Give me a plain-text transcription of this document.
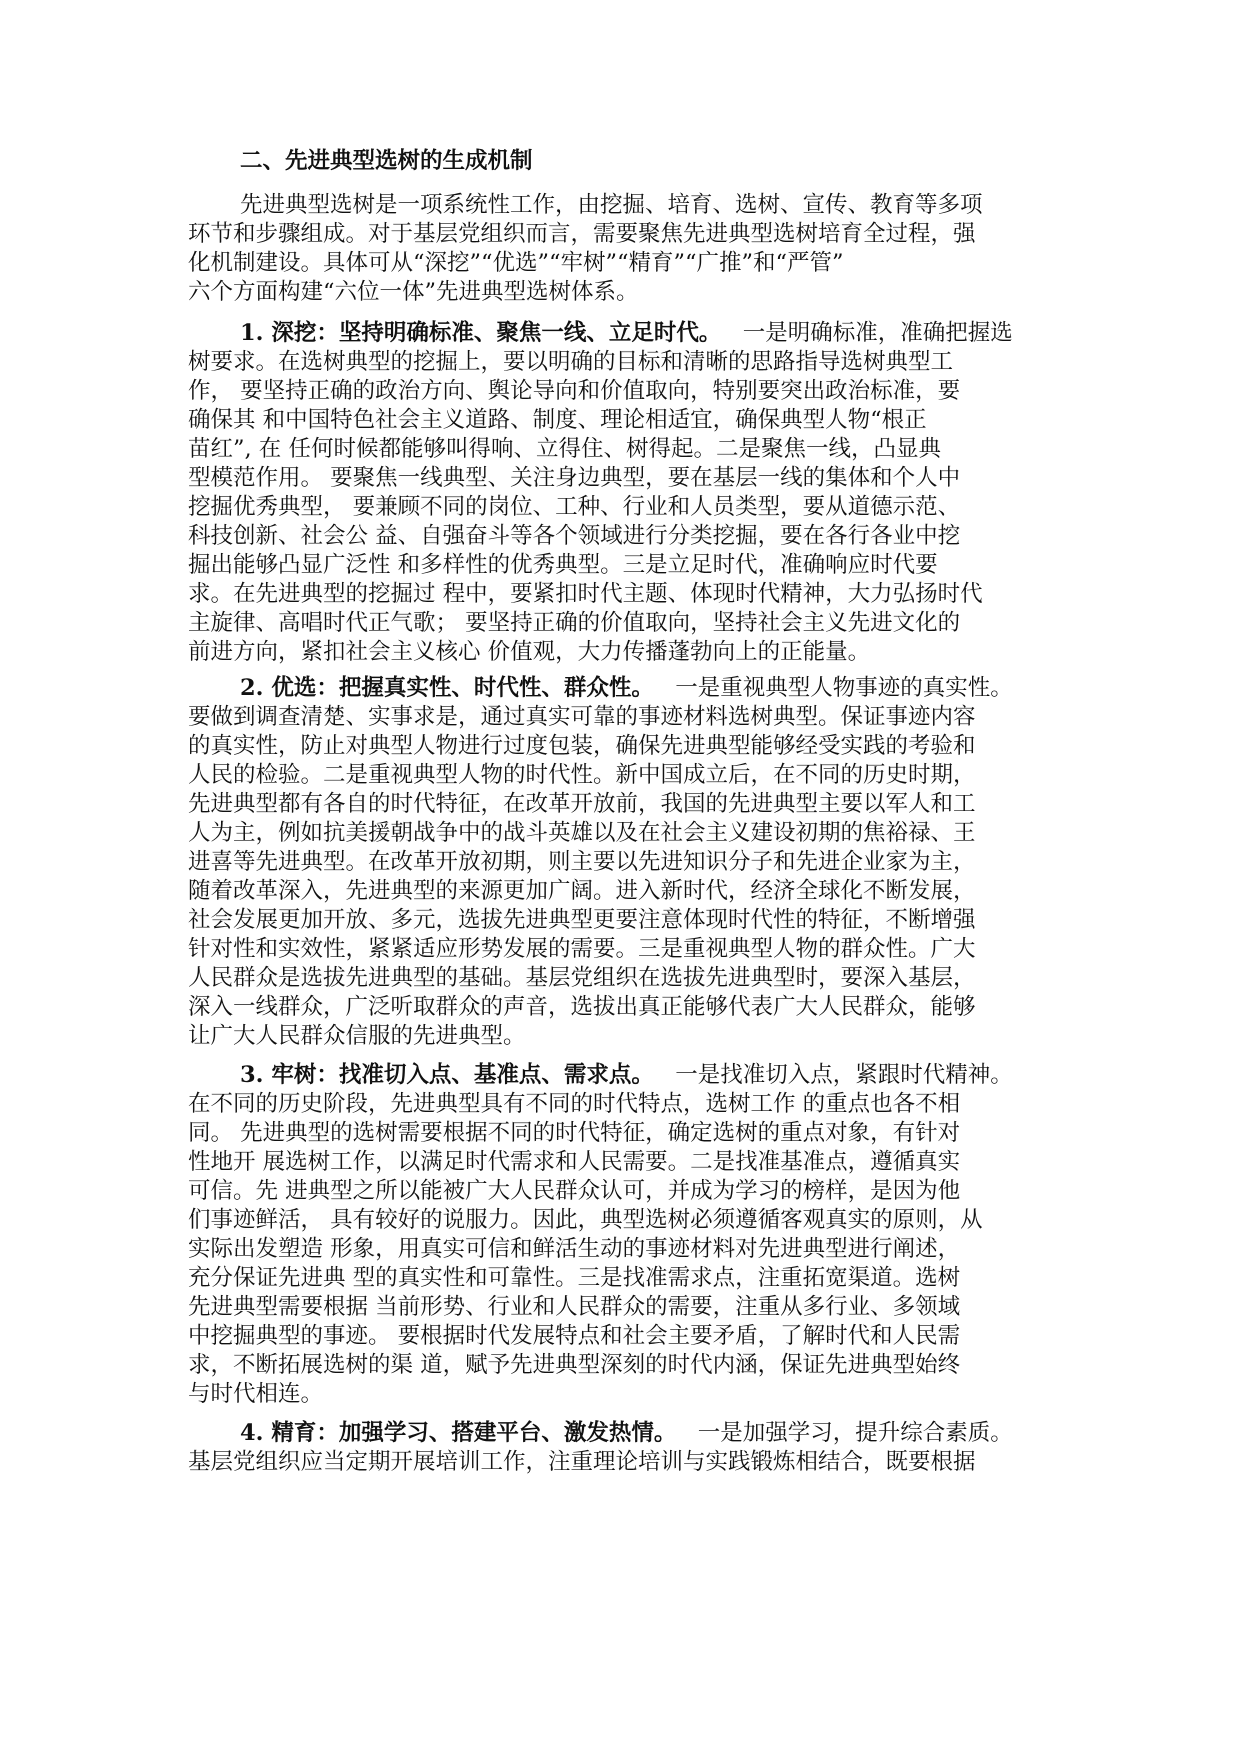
二、先进典型选树的生成机制
先进典型选树是一项系统性工作，由挖掘、培育、选树、宣传、教育等多项
环节和步骤组成。对于基层党组织而言，需要聚焦先进典型选树培育全过程，强
化机制建设。具体可从“深挖”“优选”“牢树”“精育”“广推”和“严管”
六个方面构建“六位一体”先进典型选树体系。
1. 深挖：坚持明确标准、聚焦一线、立足时代。 一是明确标准，准确把握选
树要求。在选树典型的挖掘上，要以明确的目标和清晰的思路指导选树典型工
作， 要坚持正确的政治方向、舆论导向和价值取向，特别要突出政治标准，要
确保其 和中国特色社会主义道路、制度、理论相适宜，确保典型人物“根正
苗红”, 在 任何时候都能够叫得响、立得住、树得起。二是聚焦一线，凸显典
型模范作用。 要聚焦一线典型、关注身边典型，要在基层一线的集体和个人中
挖掘优秀典型， 要兼顾不同的岗位、工种、行业和人员类型，要从道德示范、
科技创新、社会公 益、自强奋斗等各个领域进行分类挖掘，要在各行各业中挖
掘出能够凸显广泛性 和多样性的优秀典型。三是立足时代，准确响应时代要
求。在先进典型的挖掘过 程中，要紧扣时代主题、体现时代精神，大力弘扬时代
主旋律、高唱时代正气歌； 要坚持正确的价值取向，坚持社会主义先进文化的
前进方向，紧扣社会主义核心 价值观，大力传播蓬勃向上的正能量。
2. 优选：把握真实性、时代性、群众性。 一是重视典型人物事迹的真实性。
要做到调查清楚、实事求是，通过真实可靠的事迹材料选树典型。保证事迹内容
的真实性，防止对典型人物进行过度包装，确保先进典型能够经受实践的考验和
人民的检验。二是重视典型人物的时代性。新中国成立后，在不同的历史时期，
先进典型都有各自的时代特征，在改革开放前，我国的先进典型主要以军人和工
人为主，例如抗美援朝战争中的战斗英雄以及在社会主义建设初期的焦裕禄、王
进喜等先进典型。在改革开放初期，则主要以先进知识分子和先进企业家为主，
随着改革深入，先进典型的来源更加广阔。进入新时代，经济全球化不断发展，
社会发展更加开放、多元，选拔先进典型更要注意体现时代性的特征，不断增强
针对性和实效性，紧紧适应形势发展的需要。三是重视典型人物的群众性。广大
人民群众是选拔先进典型的基础。基层党组织在选拔先进典型时，要深入基层，
深入一线群众，广泛听取群众的声音，选拔出真正能够代表广大人民群众，能够
让广大人民群众信服的先进典型。
3. 牢树：找准切入点、基准点、需求点。 一是找准切入点，紧跟时代精神。
在不同的历史阶段，先进典型具有不同的时代特点，选树工作 的重点也各不相
同。 先进典型的选树需要根据不同的时代特征，确定选树的重点对象，有针对
性地开 展选树工作，以满足时代需求和人民需要。二是找准基准点，遵循真实
可信。先 进典型之所以能被广大人民群众认可，并成为学习的榜样，是因为他
们事迹鲜活， 具有较好的说服力。因此，典型选树必须遵循客观真实的原则，从
实际出发塑造 形象，用真实可信和鲜活生动的事迹材料对先进典型进行阐述，
充分保证先进典 型的真实性和可靠性。三是找准需求点，注重拓宽渠道。选树
先进典型需要根据 当前形势、行业和人民群众的需要，注重从多行业、多领域
中挖掘典型的事迹。 要根据时代发展特点和社会主要矛盾，了解时代和人民需
求，不断拓展选树的渠 道，赋予先进典型深刻的时代内涵，保证先进典型始终
与时代相连。
4. 精育：加强学习、搭建平台、激发热情。 一是加强学习，提升综合素质。
基层党组织应当定期开展培训工作，注重理论培训与实践锻炼相结合，既要根据
